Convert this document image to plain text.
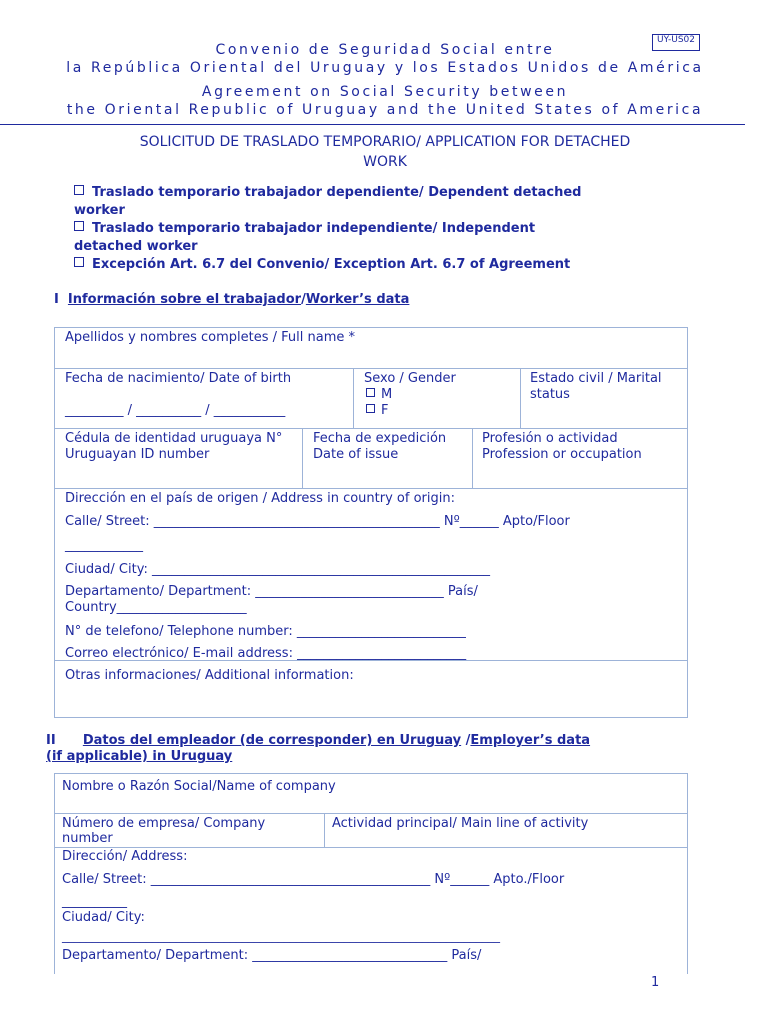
UY-US02
Convenio de Seguridad Social entre
la República Oriental del Uruguay y los Estados Unidos de América
Agreement on Social Security between
the Oriental Republic of Uruguay and the United States of America
SOLICITUD DE TRASLADO TEMPORARIO/ APPLICATION FOR DETACHED
WORK
Traslado temporario trabajador dependiente/ Dependent detached
worker
Traslado temporario trabajador independiente/ Independent
detached worker
Excepción Art. 6.7 del Convenio/ Exception Art. 6.7 of Agreement
I Información sobre el trabajador/Worker’s data
Apellidos y nombres completes / Full name *
Fecha de nacimiento/ Date of birth
_________ / __________ / ___________
Sexo / Gender
M
F
Estado civil / Marital
status
Cédula de identidad uruguaya N°
Uruguayan ID number
Fecha de expedición
Date of issue
Profesión o actividad
Profession or occupation
Dirección en el país de origen / Address in country of origin:
Calle/ Street: ____________________________________________ Nº______ Apto/Floor
____________
Ciudad/ City: ____________________________________________________
Departamento/ Department: _____________________________ País/
Country____________________
N° de telefono/ Telephone number: __________________________
Correo electrónico/ E-mail address: __________________________
Otras informaciones/ Additional information:
II Datos del empleador (de corresponder) en Uruguay /Employer’s data
(if applicable) in Uruguay
Nombre o Razón Social/Name of company
Número de empresa/ Company
number
Actividad principal/ Main line of activity
Dirección/ Address:
Calle/ Street: ___________________________________________ Nº______ Apto./Floor
__________
Ciudad/ City:
_________________________________________________________________________
Departamento/ Department: ______________________________ País/
1
